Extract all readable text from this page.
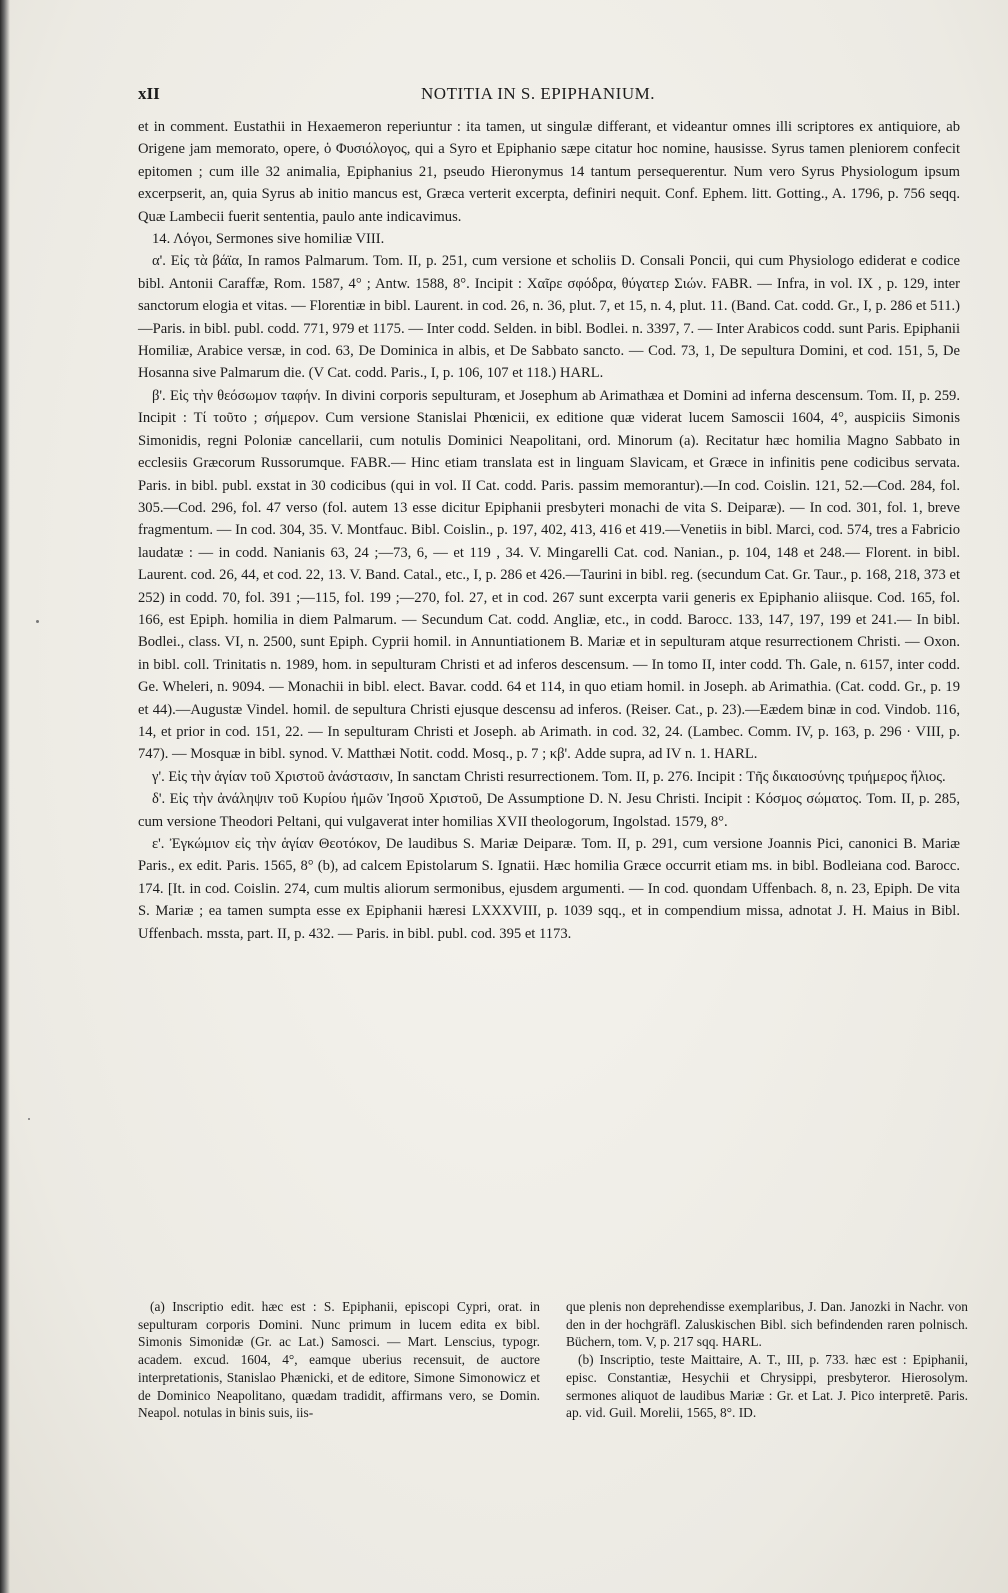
xII	NOTITIA IN S. EPIPHANIUM.

et in comment. Eustathii in Hexaemeron reperiuntur : ita tamen, ut singulæ differant, et videantur omnes illi scriptores ex antiquiore, ab Origene jam memorato, opere, ὁ Φυσιόλογος, qui a Syro et Epiphanio sæpe citatur hoc nomine, hausisse. Syrus tamen pleniorem confecit epitomen ; cum ille 32 animalia, Epiphanius 21, pseudo Hieronymus 14 tantum persequerentur. Num vero Syrus Physiologum ipsum excerpserit, an, quia Syrus ab initio mancus est, Græca verterit excerpta, definiri nequit. Conf. Ephem. litt. Gotting., A. 1796, p. 756 seqq. Quæ Lambecii fuerit sententia, paulo ante indicavimus.

14. Λόγοι, Sermones sive homiliæ VIII.

α'. Εἰς τὰ βάϊα, In ramos Palmarum. Tom. II, p. 251, cum versione et scholiis D. Consali Poncii, qui cum Physiologo ediderat e codice bibl. Antonii Caraffæ, Rom. 1587, 4° ; Antw. 1588, 8°. Incipit : Χαῖρε σφόδρα, θύγατερ Σιών. FABR. — Infra, in vol. IX , p. 129, inter sanctorum elogia et vitas. — Florentiæ in bibl. Laurent. in cod. 26, n. 36, plut. 7, et 15, n. 4, plut. 11. (Band. Cat. codd. Gr., I, p. 286 et 511.) —Paris. in bibl. publ. codd. 771, 979 et 1175. — Inter codd. Selden. in bibl. Bodlei. n. 3397, 7. — Inter Arabicos codd. sunt Paris. Epiphanii Homiliæ, Arabice versæ, in cod. 63, De Dominica in albis, et De Sabbato sancto. — Cod. 73, 1, De sepultura Domini, et cod. 151, 5, De Hosanna sive Palmarum die. (V Cat. codd. Paris., I, p. 106, 107 et 118.) HARL.

β'. Εἰς τὴν θεόσωμον ταφήν. In divini corporis sepulturam, et Josephum ab Arimathæa et Domini ad inferna descensum. Tom. II, p. 259. Incipit : Τί τοῦτο ; σήμερον. Cum versione Stanislai Phœnicii, ex editione quæ viderat lucem Samoscii 1604, 4°, auspiciis Simonis Simonidis, regni Poloniæ cancellarii, cum notulis Dominici Neapolitani, ord. Minorum (a). Recitatur hæc homilia Magno Sabbato in ecclesiis Græcorum Russorumque. FABR.— Hinc etiam translata est in linguam Slavicam, et Græce in infinitis pene codicibus servata. Paris. in bibl. publ. exstat in 30 codicibus (qui in vol. II Cat. codd. Paris. passim memorantur).—In cod. Coislin. 121, 52.—Cod. 284, fol. 305.—Cod. 296, fol. 47 verso (fol. autem 13 esse dicitur Epiphanii presbyteri monachi de vita S. Deiparæ). — In cod. 301, fol. 1, breve fragmentum. — In cod. 304, 35. V. Montfauc. Bibl. Coislin., p. 197, 402, 413, 416 et 419.—Venetiis in bibl. Marci, cod. 574, tres a Fabricio laudatæ : — in codd. Nanianis 63, 24 ;—73, 6, — et 119 , 34. V. Mingarelli Cat. cod. Nanian., p. 104, 148 et 248.— Florent. in bibl. Laurent. cod. 26, 44, et cod. 22, 13. V. Band. Catal., etc., I, p. 286 et 426.—Taurini in bibl. reg. (secundum Cat. Gr. Taur., p. 168, 218, 373 et 252) in codd. 70, fol. 391 ;—115, fol. 199 ;—270, fol. 27, et in cod. 267 sunt excerpta varii generis ex Epiphanio aliisque. Cod. 165, fol. 166, est Epiph. homilia in diem Palmarum. — Secundum Cat. codd. Angliæ, etc., in codd. Barocc. 133, 147, 197, 199 et 241.— In bibl. Bodlei., class. VI, n. 2500, sunt Epiph. Cyprii homil. in Annuntiationem B. Mariæ et in sepulturam atque resurrectionem Christi. — Oxon. in bibl. coll. Trinitatis n. 1989, hom. in sepulturam Christi et ad inferos descensum. — In tomo II, inter codd. Th. Gale, n. 6157, inter codd. Ge. Wheleri, n. 9094. — Monachii in bibl. elect. Bavar. codd. 64 et 114, in quo etiam homil. in Joseph. ab Arimathia. (Cat. codd. Gr., p. 19 et 44).—Augustæ Vindel. homil. de sepultura Christi ejusque descensu ad inferos. (Reiser. Cat., p. 23).—Eædem binæ in cod. Vindob. 116, 14, et prior in cod. 151, 22. — In sepulturam Christi et Joseph. ab Arimath. in cod. 32, 24. (Lambec. Comm. IV, p. 163, p. 296 · VIII, p. 747). — Mosquæ in bibl. synod. V. Matthæi Notit. codd. Mosq., p. 7 ; κβ'. Adde supra, ad IV n. 1. HARL.

γ'. Εἰς τὴν ἁγίαν τοῦ Χριστοῦ ἀνάστασιν, In sanctam Christi resurrectionem. Tom. II, p. 276. Incipit : Τῆς δικαιοσύνης τριήμερος ἥλιος.

δ'. Εἰς τὴν ἀνάληψιν τοῦ Κυρίου ἡμῶν Ἰησοῦ Χριστοῦ, De Assumptione D. N. Jesu Christi. Incipit : Κόσμος σώματος. Tom. II, p. 285, cum versione Theodori Peltani, qui vulgaverat inter homilias XVII theologorum, Ingolstad. 1579, 8°.

ε'. Ἐγκώμιον εἰς τὴν ἁγίαν Θεοτόκον, De laudibus S. Mariæ Deiparæ. Tom. II, p. 291, cum versione Joannis Pici, canonici B. Mariæ Paris., ex edit. Paris. 1565, 8° (b), ad calcem Epistolarum S. Ignatii. Hæc homilia Græce occurrit etiam ms. in bibl. Bodleiana cod. Barocc. 174. [It. in cod. Coislin. 274, cum multis aliorum sermonibus, ejusdem argumenti. — In cod. quondam Uffenbach. 8, n. 23, Epiph. De vita S. Mariæ ; ea tamen sumpta esse ex Epiphanii hæresi LXXXVIII, p. 1039 sqq., et in compendium missa, adnotat J. H. Maius in Bibl. Uffenbach. mssta, part. II, p. 432. — Paris. in bibl. publ. cod. 395 et 1173.

(a) Inscriptio edit. hæc est : S. Epiphanii, episcopi Cypri, orat. in sepulturam corporis Domini. Nunc primum in lucem edita ex bibl. Simonis Simonidæ (Gr. ac Lat.) Samosci. — Mart. Lenscius, typogr. academ. excud. 1604, 4°, eamque uberius recensuit, de auctore interpretationis, Stanislao Phænicki, et de editore, Simone Simonowicz et de Dominico Neapolitano, quædam tradidit, affirmans vero, se Domin. Neapol. notulas in binis suis, iis-

que plenis non deprehendisse exemplaribus, J. Dan. Janozki in Nachr. von den in der hochgräfl. Zaluskischen Bibl. sich befindenden raren polnisch. Büchern, tom. V, p. 217 sqq. HARL.

(b) Inscriptio, teste Maittaire, A. T., III, p. 733. hæc est : Epiphanii, episc. Constantiæ, Hesychii et Chrysippi, presbyteror. Hierosolym. sermones aliquot de laudibus Mariæ : Gr. et Lat. J. Pico interpretē. Paris. ap. vid. Guil. Morelii, 1565, 8°. ID.
